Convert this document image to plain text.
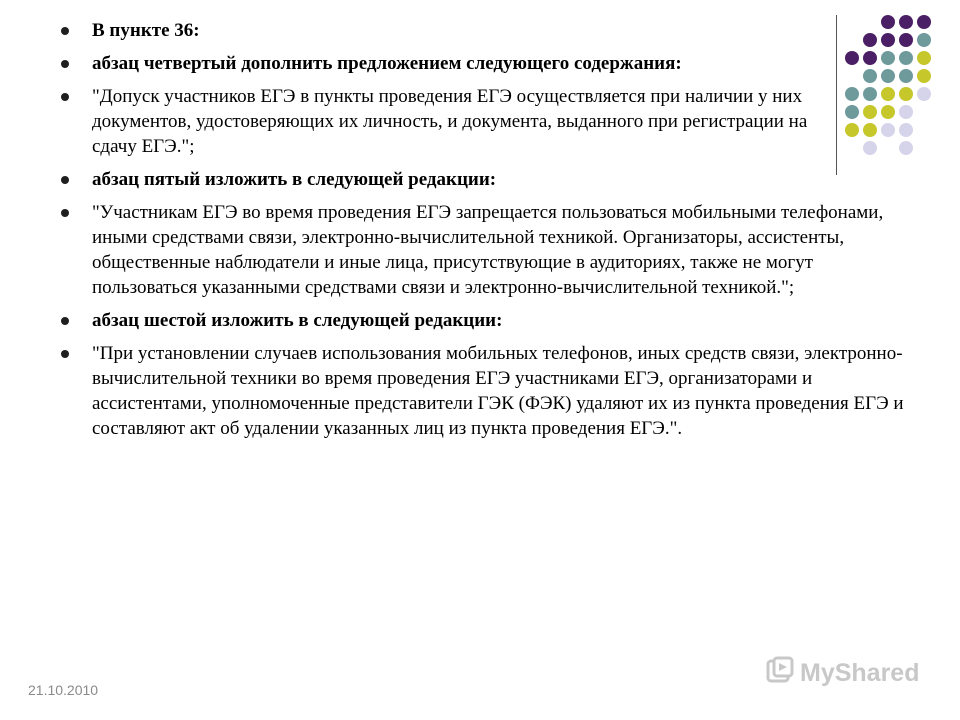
В пункте 36:
абзац четвертый дополнить предложением следующего содержания:
"Допуск участников ЕГЭ в пункты проведения ЕГЭ осуществляется при наличии у них документов, удостоверяющих их личность, и документа, выданного при регистрации на сдачу ЕГЭ.";
абзац пятый изложить в следующей редакции:
"Участникам ЕГЭ во время проведения ЕГЭ запрещается пользоваться мобильными телефонами, иными средствами связи, электронно-вычислительной техникой. Организаторы, ассистенты, общественные наблюдатели и иные лица, присутствующие в аудиториях, также не могут пользоваться указанными средствами связи и электронно-вычислительной техникой.";
абзац шестой изложить в следующей редакции:
"При установлении случаев использования мобильных телефонов, иных средств связи, электронно-вычислительной техники во время проведения ЕГЭ участниками ЕГЭ, организаторами и ассистентами, уполномоченные представители ГЭК (ФЭК) удаляют их из пункта проведения ЕГЭ и составляют акт об удалении указанных лиц из пункта проведения ЕГЭ.".
21.10.2010
MyShared
